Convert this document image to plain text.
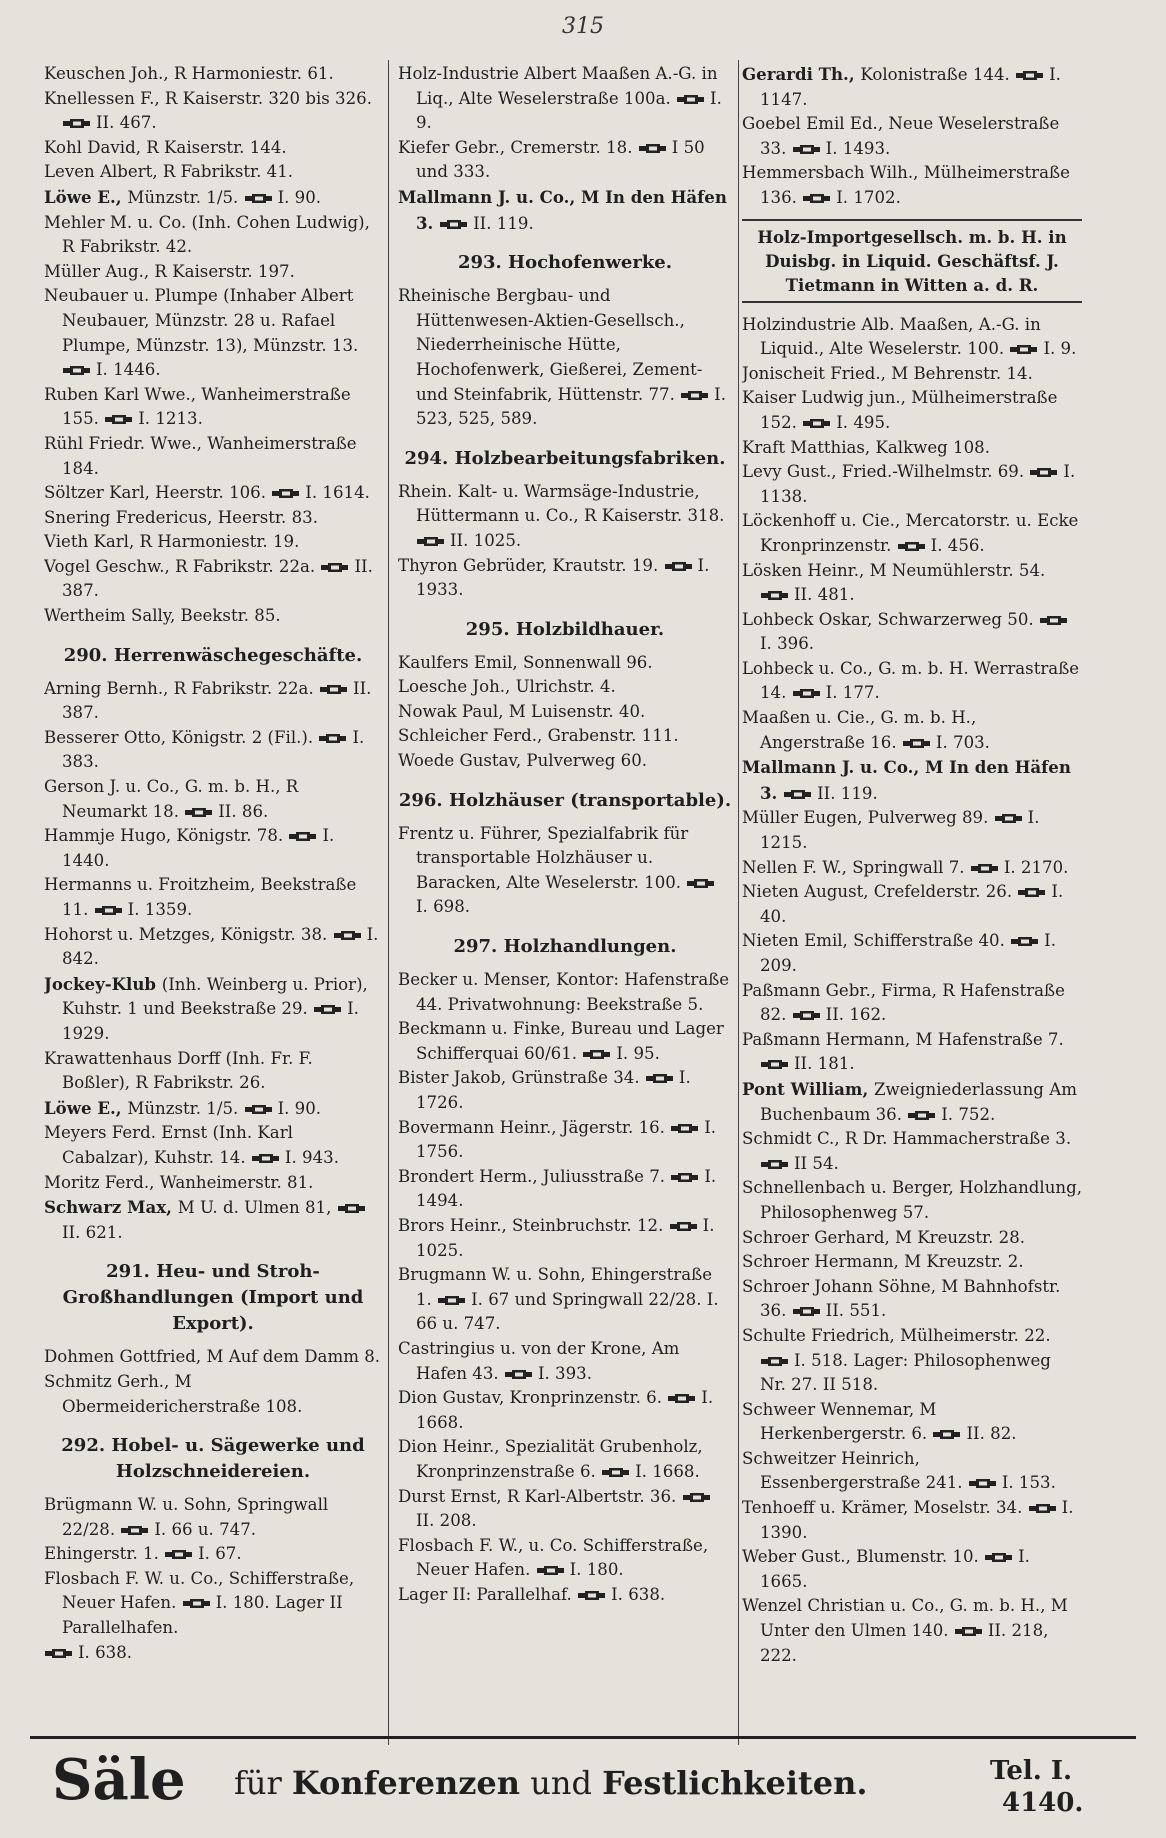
315
Keuschen Joh., R Harmoniestr. 61.
Knellessen F., R Kaiserstr. 320 bis 326. II. 467.
Kohl David, R Kaiserstr. 144.
Leven Albert, R Fabrikstr. 41.
Löwe E., Münzstr. 1/5. I. 90.
Mehler M. u. Co. (Inh. Cohen Ludwig), R Fabrikstr. 42.
Müller Aug., R Kaiserstr. 197.
Neubauer u. Plumpe (Inhaber Albert Neubauer, Münzstr. 28 u. Rafael Plumpe, Münzstr. 13), Münzstr. 13. I. 1446.
Ruben Karl Wwe., Wanheimerstraße 155. I. 1213.
Rühl Friedr. Wwe., Wanheimerstraße 184.
Söltzer Karl, Heerstr. 106. I. 1614.
Snering Fredericus, Heerstr. 83.
Vieth Karl, R Harmoniestr. 19.
Vogel Geschw., R Fabrikstr. 22a. II. 387.
Wertheim Sally, Beekstr. 85.
290. Herrenwäschegeschäfte.
Arning Bernh., R Fabrikstr. 22a. II. 387.
Besserer Otto, Königstr. 2 (Fil.). I. 383.
Gerson J. u. Co., G. m. b. H., R Neumarkt 18. II. 86.
Hammje Hugo, Königstr. 78. I. 1440.
Hermanns u. Froitzheim, Beekstraße 11. I. 1359.
Hohorst u. Metzges, Königstr. 38. I. 842.
Jockey-Klub (Inh. Weinberg u. Prior), Kuhstr. 1 und Beekstraße 29. I. 1929.
Krawattenhaus Dorff (Inh. Fr. F. Boßler), R Fabrikstr. 26.
Löwe E., Münzstr. 1/5. I. 90.
Meyers Ferd. Ernst (Inh. Karl Cabalzar), Kuhstr. 14. I. 943.
Moritz Ferd., Wanheimerstr. 81.
Schwarz Max, M U. d. Ulmen 81, II. 621.
291. Heu- und Stroh-Großhandlungen (Import und Export).
Dohmen Gottfried, M Auf dem Damm 8.
Schmitz Gerh., M Obermeidericherstraße 108.
292. Hobel- u. Sägewerke und Holzschneidereien.
Brügmann W. u. Sohn, Springwall 22/28. I. 66 u. 747.
Ehingerstr. 1. I. 67.
Flosbach F. W. u. Co., Schifferstraße, Neuer Hafen. I. 180. Lager II Parallelhafen.
I. 638.
Holz-Industrie Albert Maaßen A.-G. in Liq., Alte Weselerstraße 100a. I. 9.
Kiefer Gebr., Cremerstr. 18. I 50 und 333.
Mallmann J. u. Co., M In den Häfen 3. II. 119.
293. Hochofenwerke.
Rheinische Bergbau- und Hüttenwesen-Aktien-Gesellsch., Niederrheinische Hütte, Hochofenwerk, Gießerei, Zement- und Steinfabrik, Hüttenstr. 77. I. 523, 525, 589.
294. Holzbearbeitungsfabriken.
Rhein. Kalt- u. Warmsäge-Industrie, Hüttermann u. Co., R Kaiserstr. 318. II. 1025.
Thyron Gebrüder, Krautstr. 19. I. 1933.
295. Holzbildhauer.
Kaulfers Emil, Sonnenwall 96.
Loesche Joh., Ulrichstr. 4.
Nowak Paul, M Luisenstr. 40.
Schleicher Ferd., Grabenstr. 111.
Woede Gustav, Pulverweg 60.
296. Holzhäuser (transportable).
Frentz u. Führer, Spezialfabrik für transportable Holzhäuser u. Baracken, Alte Weselerstr. 100. I. 698.
297. Holzhandlungen.
Becker u. Menser, Kontor: Hafenstraße 44. Privatwohnung: Beekstraße 5.
Beckmann u. Finke, Bureau und Lager Schifferquai 60/61. I. 95.
Bister Jakob, Grünstraße 34. I. 1726.
Bovermann Heinr., Jägerstr. 16. I. 1756.
Brondert Herm., Juliusstraße 7. I. 1494.
Brors Heinr., Steinbruchstr. 12. I. 1025.
Brugmann W. u. Sohn, Ehingerstraße 1. I. 67 und Springwall 22/28. I. 66 u. 747.
Castringius u. von der Krone, Am Hafen 43. I. 393.
Dion Gustav, Kronprinzenstr. 6. I. 1668.
Dion Heinr., Spezialität Grubenholz, Kronprinzenstraße 6. I. 1668.
Durst Ernst, R Karl-Albertstr. 36. II. 208.
Flosbach F. W., u. Co. Schifferstraße, Neuer Hafen. I. 180.
Lager II: Parallelhaf. I. 638.
Gerardi Th., Kolonistraße 144. I. 1147.
Goebel Emil Ed., Neue Weselerstraße 33. I. 1493.
Hemmersbach Wilh., Mülheimerstraße 136. I. 1702.
Holz-Importgesellsch. m. b. H. in Duisbg. in Liquid. Geschäftsf. J. Tietmann in Witten a. d. R.
Holzindustrie Alb. Maaßen, A.-G. in Liquid., Alte Weselerstr. 100. I. 9.
Jonischeit Fried., M Behrenstr. 14.
Kaiser Ludwig jun., Mülheimerstraße 152. I. 495.
Kraft Matthias, Kalkweg 108.
Levy Gust., Fried.-Wilhelmstr. 69. I. 1138.
Löckenhoff u. Cie., Mercatorstr. u. Ecke Kronprinzenstr. I. 456.
Lösken Heinr., M Neumühlerstr. 54. II. 481.
Lohbeck Oskar, Schwarzerweg 50. I. 396.
Lohbeck u. Co., G. m. b. H. Werrastraße 14. I. 177.
Maaßen u. Cie., G. m. b. H., Angerstraße 16. I. 703.
Mallmann J. u. Co., M In den Häfen 3. II. 119.
Müller Eugen, Pulverweg 89. I. 1215.
Nellen F. W., Springwall 7. I. 2170.
Nieten August, Crefelderstr. 26. I. 40.
Nieten Emil, Schifferstraße 40. I. 209.
Paßmann Gebr., Firma, R Hafenstraße 82. II. 162.
Paßmann Hermann, M Hafenstraße 7. II. 181.
Pont William, Zweigniederlassung Am Buchenbaum 36. I. 752.
Schmidt C., R Dr. Hammacherstraße 3. II 54.
Schnellenbach u. Berger, Holzhandlung, Philosophenweg 57.
Schroer Gerhard, M Kreuzstr. 28.
Schroer Hermann, M Kreuzstr. 2.
Schroer Johann Söhne, M Bahnhofstr. 36. II. 551.
Schulte Friedrich, Mülheimerstr. 22. I. 518. Lager: Philosophenweg Nr. 27. II 518.
Schweer Wennemar, M Herkenbergerstr. 6. II. 82.
Schweitzer Heinrich, Essenbergerstraße 241. I. 153.
Tenhoeff u. Krämer, Moselstr. 34. I. 1390.
Weber Gust., Blumenstr. 10. I. 1665.
Wenzel Christian u. Co., G. m. b. H., M Unter den Ulmen 140. II. 218, 222.
Säle für Konferenzen und Festlichkeiten.	Tel. I.
4140.
